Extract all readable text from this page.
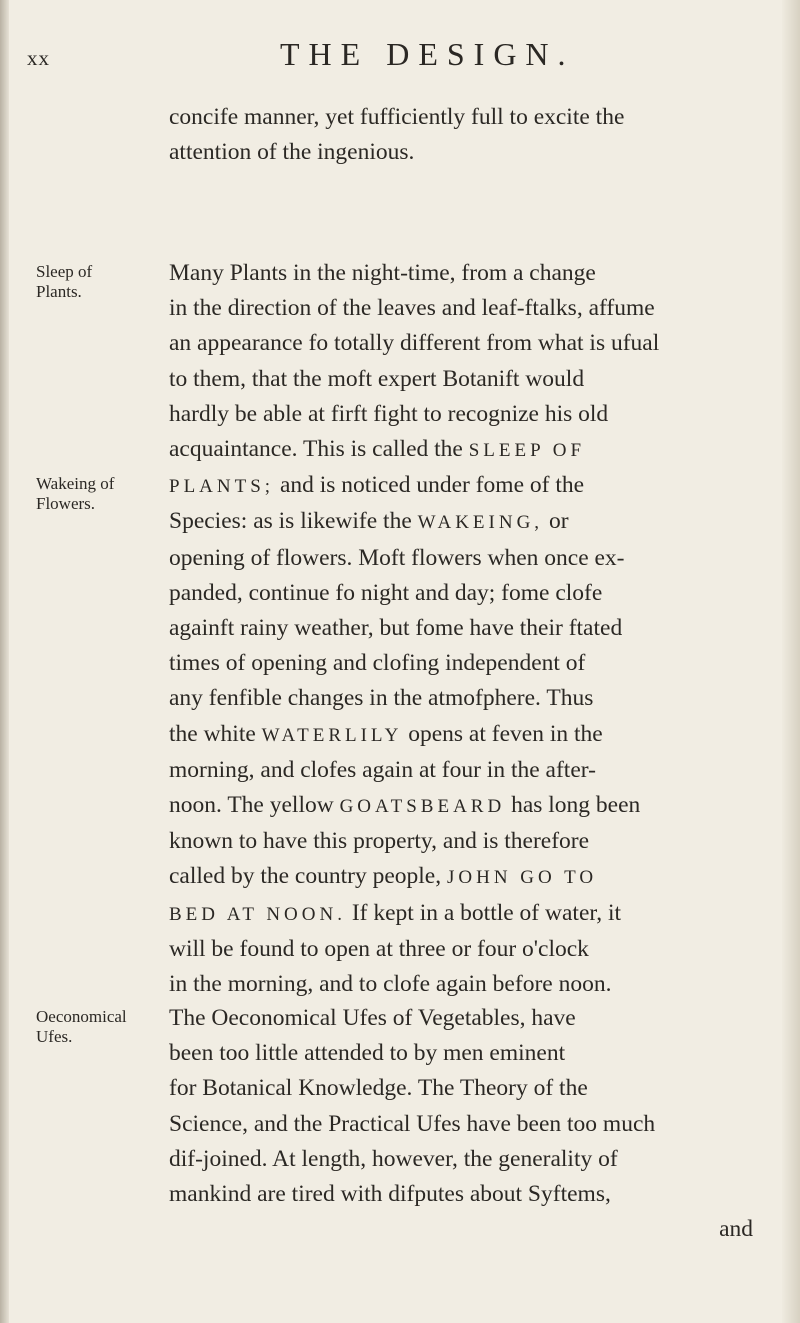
xx	THE DESIGN.
Sleep of
Plants.
Wakeing of
Flowers.
Oeconomical
Ufes.
concife manner, yet fufficiently full to excite the
attention of the ingenious.
Many Plants in the night-time, from a change
in the direction of the leaves and leaf-ftalks, affume
an appearance fo totally different from what is ufual
to them, that the moft expert Botanift would
hardly be able at firft fight to recognize his old
acquaintance. This is called the SLEEP OF
PLANTS; and is noticed under fome of the
Species: as is likewife the WAKEING, or
opening of flowers. Moft flowers when once ex-
panded, continue fo night and day; fome clofe
againft rainy weather, but fome have their ftated
times of opening and clofing independent of
any fenfible changes in the atmofphere. Thus
the white WATERLILY opens at feven in the
morning, and clofes again at four in the after-
noon. The yellow GOATSBEARD has long been
known to have this property, and is therefore
called by the country people, JOHN GO TO
BED AT NOON. If kept in a bottle of water, it
will be found to open at three or four o'clock
in the morning, and to clofe again before noon.
The Oeconomical Ufes of Vegetables, have
been too little attended to by men eminent
for Botanical Knowledge. The Theory of the
Science, and the Practical Ufes have been too much
dif-joined. At length, however, the generality of
mankind are tired with difputes about Syftems,
and
